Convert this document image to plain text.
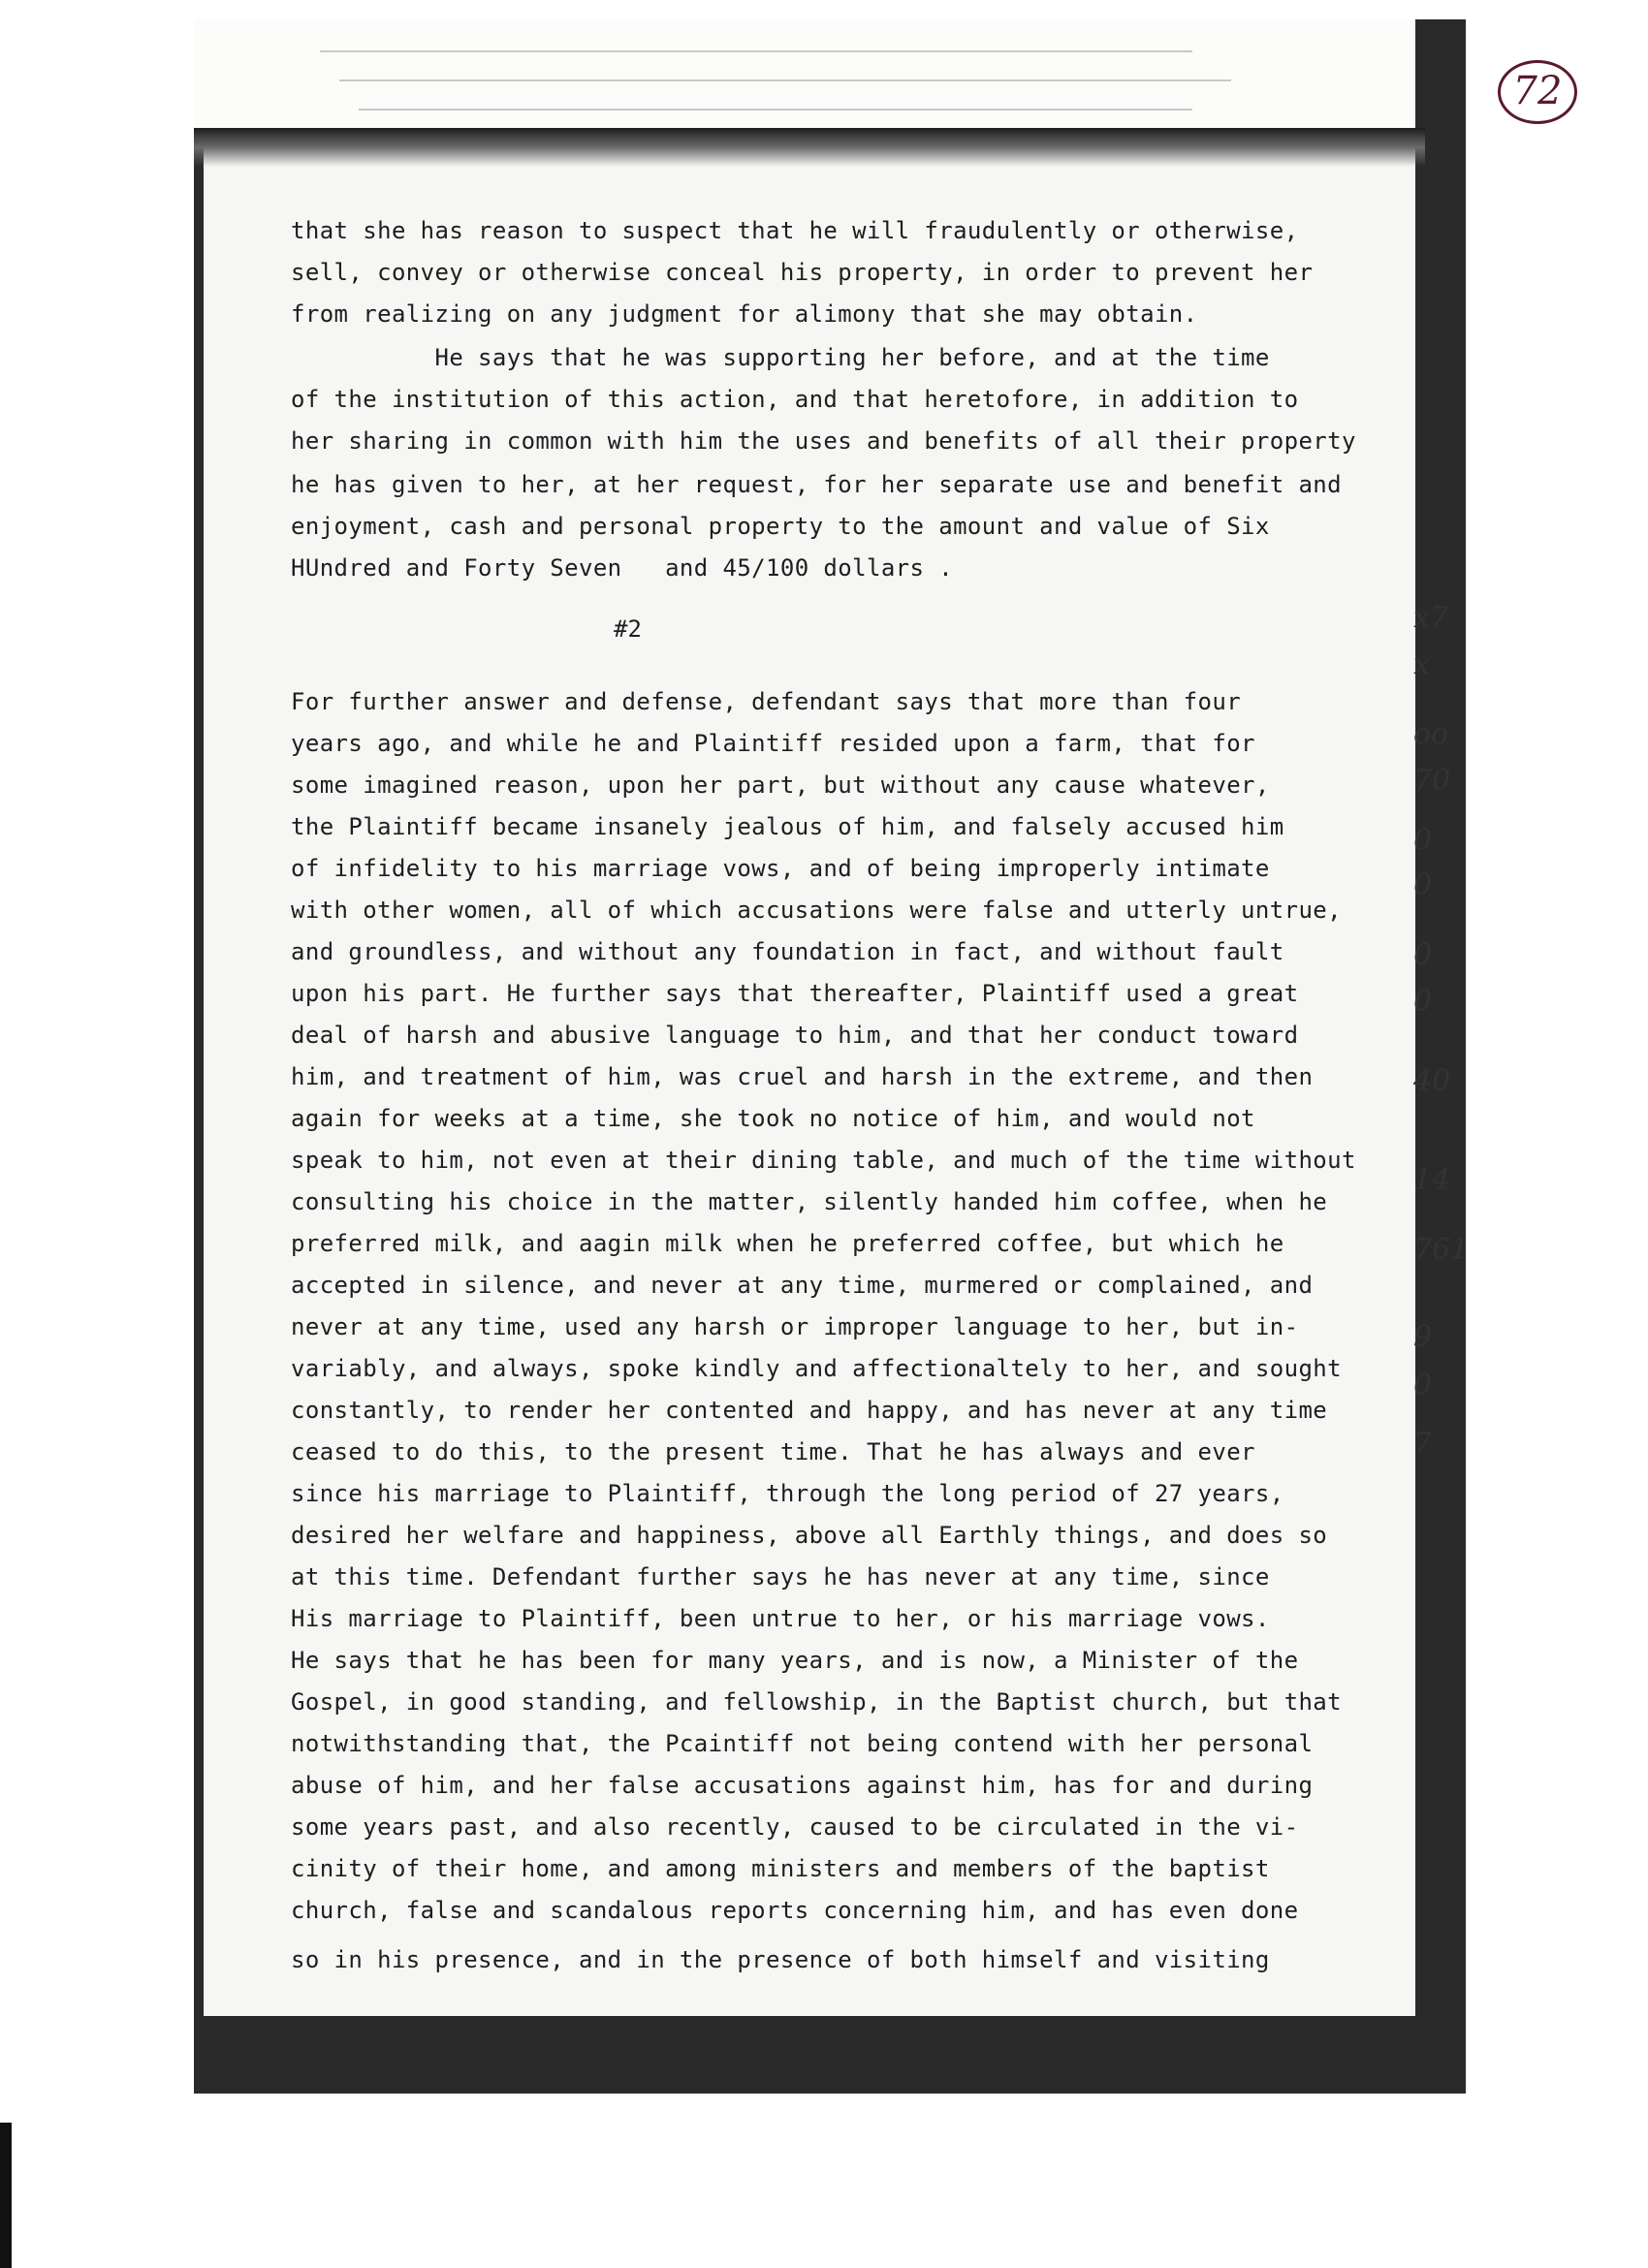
72
that she has reason to suspect that he will fraudulently or otherwise,
sell, convey or otherwise conceal his property, in order to prevent her
from realizing on any judgment for alimony that she may obtain.
He says that he was supporting her before, and at the time
of the institution of this action, and that heretofore, in addition to
her sharing in common with him the uses and benefits of all their property
he has given to her, at her request, for her separate use and benefit and
enjoyment, cash and personal property to the amount and value of Six
HUndred and Forty Seven   and 45/100 dollars .
#2
For further answer and defense, defendant says that more than four
years ago, and while he and Plaintiff resided upon a farm, that for
some imagined reason, upon her part, but without any cause whatever,
the Plaintiff became insanely jealous of him, and falsely accused him
of infidelity to his marriage vows, and of being improperly intimate
with other women, all of which accusations were false and utterly untrue,
and groundless, and without any foundation in fact, and without fault
upon his part. He further says that thereafter, Plaintiff used a great
deal of harsh and abusive language to him, and that her conduct toward
him, and treatment of him, was cruel and harsh in the extreme, and then
again for weeks at a time, she took no notice of him, and would not
speak to him, not even at their dining table, and much of the time without
consulting his choice in the matter, silently handed him coffee, when he
preferred milk, and aagin milk when he preferred coffee, but which he
accepted in silence, and never at any time, murmered or complained, and
never at any time, used any harsh or improper language to her, but in-
variably, and always, spoke kindly and affectionaltely to her, and sought
constantly, to render her contented and happy, and has never at any time
ceased to do this, to the present time. That he has always and ever
since his marriage to Plaintiff, through the long period of 27 years,
desired her welfare and happiness, above all Earthly things, and does so
at this time. Defendant further says he has never at any time, since
His marriage to Plaintiff, been untrue to her, or his marriage vows.
He says that he has been for many years, and is now, a Minister of the
Gospel, in good standing, and fellowship, in the Baptist church, but that
notwithstanding that, the Pcaintiff not being contend with her personal
abuse of him, and her false accusations against him, has for and during
some years past, and also recently, caused to be circulated in the vi-
cinity of their home, and among ministers and members of the baptist
church, false and scandalous reports concerning him, and has even done
so in his presence, and in the presence of both himself and visiting
x7
x
oo
70
0
0
0
0
40
14
761
9
0
7
